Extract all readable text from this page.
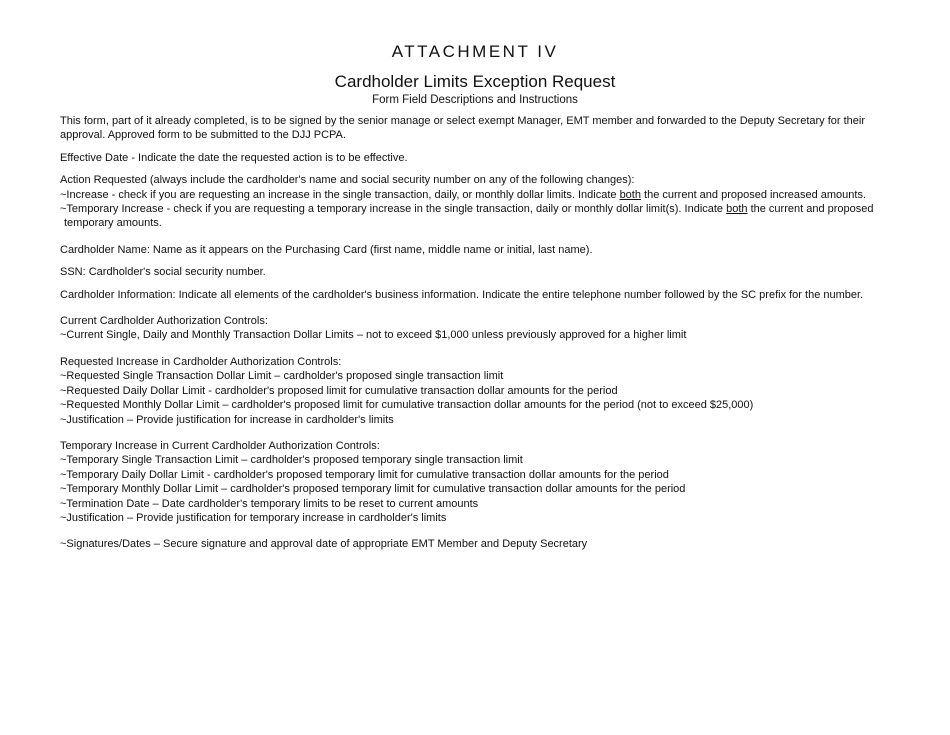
ATTACHMENT IV
Cardholder Limits Exception Request
Form Field Descriptions and Instructions

This form, part of it already completed, is to be signed by the senior manage or select exempt Manager, EMT member and forwarded to the Deputy Secretary for their

approval. Approved form to be submitted to the DJJ PCPA.

Effective Date - Indicate the date the requested action is to be effective.

Action Requested (always include the cardholder's name and social security number on any of the following changes):

~Increase - check if you are requesting an increase in the single transaction, daily, or monthly dollar limits. Indicate both the current and proposed increased amounts.

~Temporary Increase - check if you are requesting a temporary increase in the single transaction, daily or monthly dollar limit(s). Indicate both the current and proposed

temporary amounts.

Cardholder Name: Name as it appears on the Purchasing Card (first name, middle name or initial, last name).

SSN: Cardholder's social security number.

Cardholder Information: Indicate all elements of the cardholder's business information. Indicate the entire telephone number followed by the SC prefix for the number.

Current Cardholder Authorization Controls:

~Current Single, Daily and Monthly Transaction Dollar Limits – not to exceed $1,000 unless previously approved for a higher limit

Requested Increase in Cardholder Authorization Controls:

~Requested Single Transaction Dollar Limit – cardholder's proposed single transaction limit

~Requested Daily Dollar Limit - cardholder's proposed limit for cumulative transaction dollar amounts for the period

~Requested Monthly Dollar Limit – cardholder's proposed limit for cumulative transaction dollar amounts for the period (not to exceed $25,000)

~Justification – Provide justification for increase in cardholder's limits

Temporary Increase in Current Cardholder Authorization Controls:

~Temporary Single Transaction Limit – cardholder's proposed temporary single transaction limit

~Temporary Daily Dollar Limit - cardholder's proposed temporary limit for cumulative transaction dollar amounts for the period

~Temporary Monthly Dollar Limit – cardholder's proposed temporary limit for cumulative transaction dollar amounts for the period

~Termination Date – Date cardholder's temporary limits to be reset to current amounts

~Justification – Provide justification for temporary increase in cardholder's limits

~Signatures/Dates – Secure signature and approval date of appropriate EMT Member and Deputy Secretary
